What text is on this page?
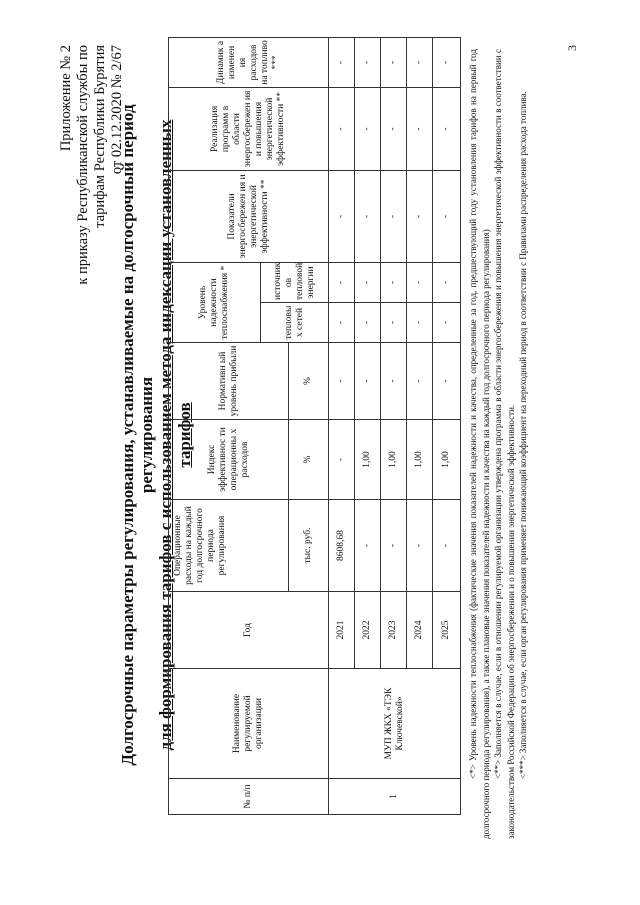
Приложение № 2 к приказу Республиканской службы по тарифам Республики Бурятия от 02.12.2020 № 2/67
Долгосрочные параметры регулирования, устанавливаемые на долгосрочный период регулирования для формирования тарифов с использованием метода индексации установленных тарифов
№ п/п	Наименование регулируемой организации	Год	Операционные расходы на каждый год долгосрочного периода регулирования	Индекс эффективнос ти операционны х расходов	Нормативн ый уровень прибыли	Уровень надежности теплоснабжения *		Показатели энергосбережен ия и энергетической эффективности **	Реализация программ в области энергосбережен ия и повышения энергетической эффективности **	Динамик а изменен ия расходов на топливо ***
						тепловы х сетей	источник ов тепловой энергии			
			тыс. руб.	%	%					
1	МУП ЖКХ «ТЭК Ключевской»	2021	8608,68	-	-	-	-	-	-	-
		2022	-	1,00	-	-	-	-	-	-
		2023	-	1,00	-	-	-	-	-	-
		2024	-	1,00	-	-	-	-	-	-
		2025	-	1,00	-	-	-	-	-	- <*> Уровень надежности теплоснабжения (фактические значения показателей надежности и качества, определенные за год, предшествующий году установления тарифов на первый год долгосрочного периода регулирования), а также плановые значения показателей надежности и качества на каждый год долгосрочного периода регулирования) <**> Заполняется в случае, если в отношении регулируемой организации утверждена программа в области энергосбережения и повышения энергетической эффективности в соответствии с законодательством Российской Федерации об энергосбережении и о повышении энергетической эффективности. <***> Заполняется в случае, если орган регулирования применяет понижающий коэффициент на переходный период в соответствии с Правилами распределения расхода топлива.

3
